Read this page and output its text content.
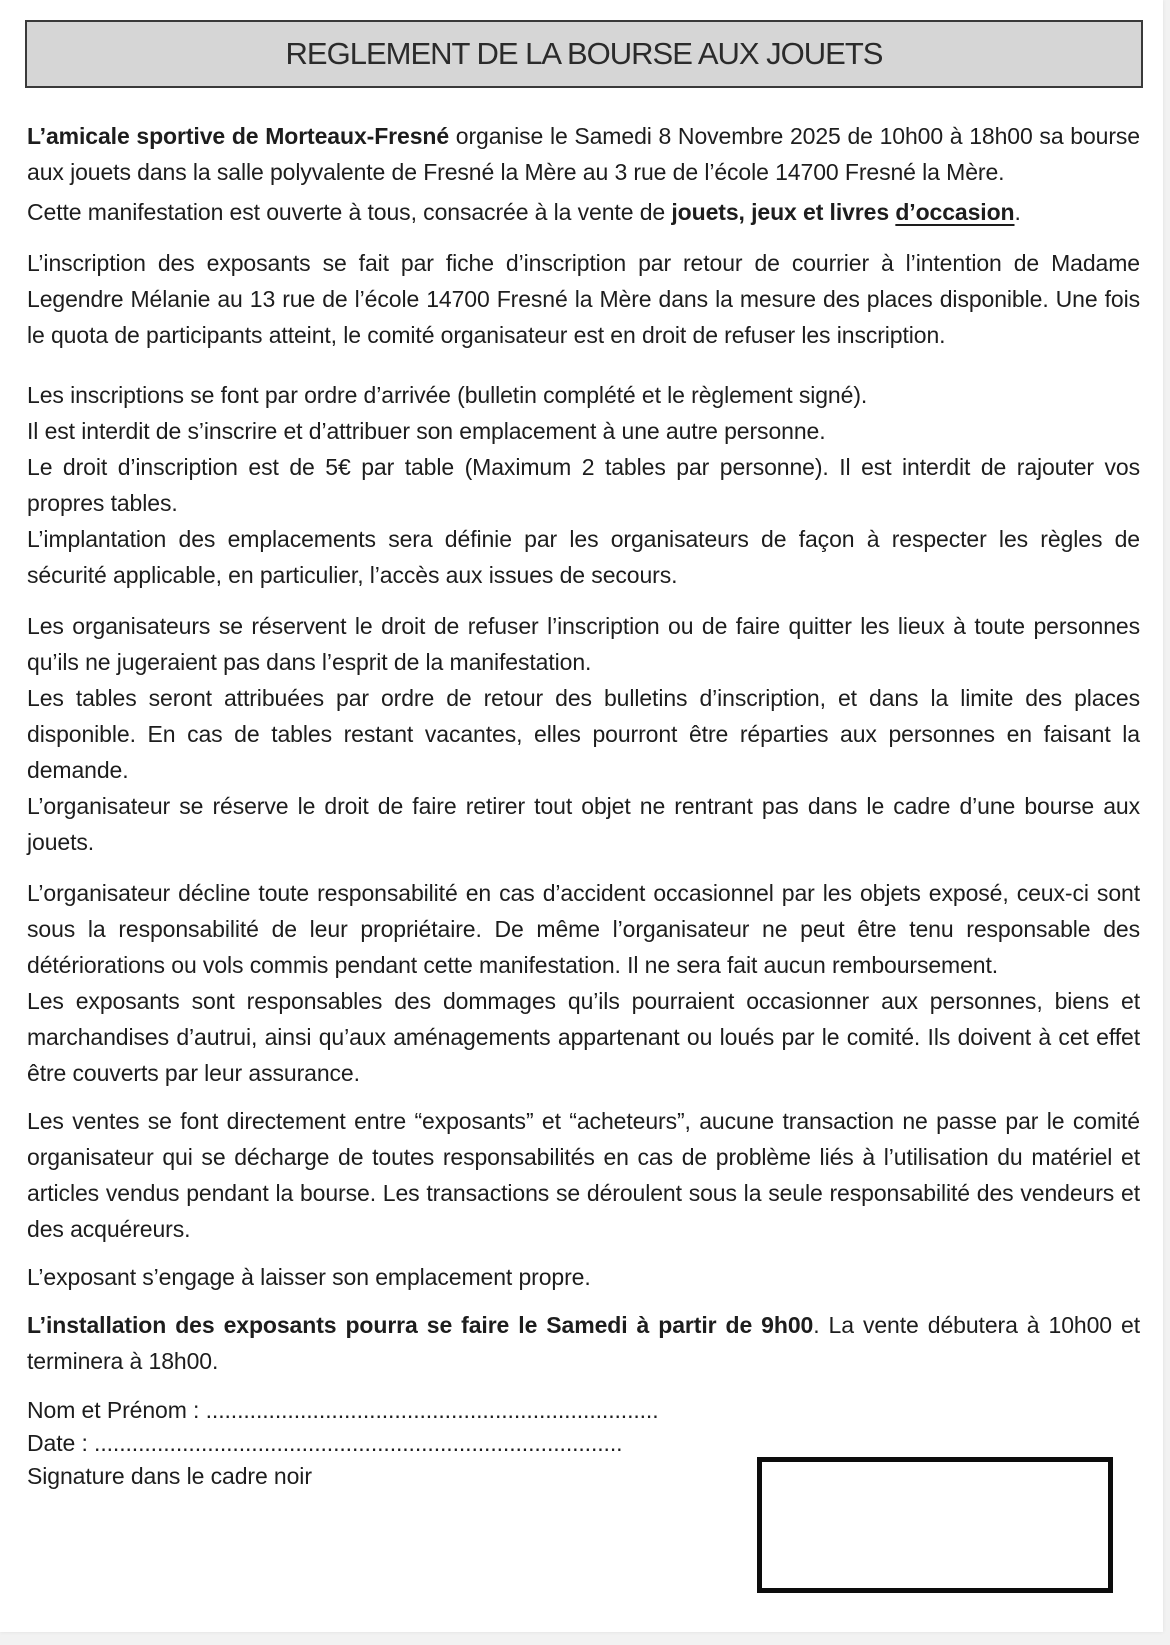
REGLEMENT DE LA BOURSE AUX JOUETS

L’amicale sportive de Morteaux-Fresné organise le Samedi 8 Novembre 2025 de 10h00 à 18h00 sa bourse aux jouets dans la salle polyvalente de Fresné la Mère au 3 rue de l’école 14700 Fresné la Mère.

Cette manifestation est ouverte à tous, consacrée à la vente de jouets, jeux et livres d’occasion.

L’inscription des exposants se fait par fiche d’inscription par retour de courrier à l’intention de Madame Legendre Mélanie au 13 rue de l’école 14700 Fresné la Mère dans la mesure des places disponible. Une fois le quota de participants atteint, le comité organisateur est en droit de refuser les inscription.

Les inscriptions se font par ordre d’arrivée (bulletin complété et le règlement signé).

Il est interdit de s’inscrire et d’attribuer son emplacement à une autre personne.

Le droit d’inscription est de 5€ par table (Maximum 2 tables par personne). Il est interdit de rajouter vos propres tables.

L’implantation des emplacements sera définie par les organisateurs de façon à respecter les règles de sécurité applicable, en particulier, l’accès aux issues de secours.

Les organisateurs se réservent le droit de refuser l’inscription ou de faire quitter les lieux à toute personnes qu’ils ne jugeraient pas dans l’esprit de la manifestation.

Les tables seront attribuées par ordre de retour des bulletins d’inscription, et dans la limite des places disponible. En cas de tables restant vacantes, elles pourront être réparties aux personnes en faisant la demande.

L’organisateur se réserve le droit de faire retirer tout objet ne rentrant pas dans le cadre d’une bourse aux jouets.

L’organisateur décline toute responsabilité en cas d’accident occasionnel par les objets exposé, ceux-ci sont sous la responsabilité de leur propriétaire. De même l’organisateur ne peut être tenu responsable des détériorations ou vols commis pendant cette manifestation. Il ne sera fait aucun remboursement.

Les exposants sont responsables des dommages qu’ils pourraient occasionner aux personnes, biens et marchandises d’autrui, ainsi qu’aux aménagements appartenant ou loués par le comité. Ils doivent à cet effet être couverts par leur assurance.

Les ventes se font directement entre “exposants” et “acheteurs”, aucune transaction ne passe par le comité organisateur qui se décharge de toutes responsabilités en cas de problème liés à l’utilisation du matériel et articles vendus pendant la bourse. Les transactions se déroulent sous la seule responsabilité des vendeurs et des acquéreurs.

L’exposant s’engage à laisser son emplacement propre.

L’installation des exposants pourra se faire le Samedi à partir de 9h00. La vente débutera à 10h00 et terminera à 18h00.

Nom et Prénom : ........................................................................

Date : ....................................................................................

Signature dans le cadre noir
